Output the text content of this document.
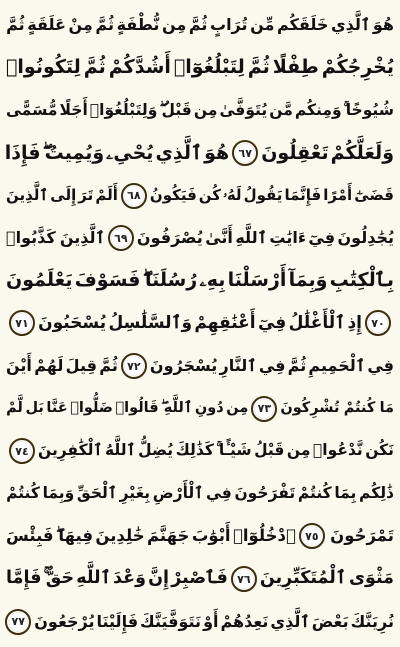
هُوَ
ٱلَّذِي
خَلَقَكُم
مِّن
تُرَابٍ
ثُمَّ
مِن
نُّطْفَةٍ
ثُمَّ
مِنْ
عَلَقَةٍ
ثُمَّ
يُخْرِجُكُمْ
طِفْلًا
ثُمَّ
لِتَبْلُغُوٓا۟
أَشُدَّكُمْ
ثُمَّ
لِتَكُونُوا۟
شُيُوخًا
وَمِنكُم
مَّن
يُتَوَفَّىٰ
مِن
قَبْلُ
وَلِتَبْلُغُوٓا۟
أَجَلًا
مُّسَمًّى
وَلَعَلَّكُمْ
تَعْقِلُونَ
٦٧
هُوَ
ٱلَّذِي
يُحْىِۦ
وَيُمِيتُ
فَإِذَا
قَضَىٰٓ
أَمْرًا
فَإِنَّمَا
يَقُولُ
لَهُۥ
كُن
فَيَكُونُ
٦٨
أَلَمْ
تَرَ
إِلَى
ٱلَّذِينَ
يُجَٰدِلُونَ
فِيٓ
ءَايَٰتِ
ٱللَّهِ
أَنَّىٰ
يُصْرَفُونَ
٦٩
ٱلَّذِينَ
كَذَّبُوا۟
بِٱلْكِتَٰبِ
وَبِمَآ
أَرْسَلْنَا
بِهِۦ
رُسُلَنَا
فَسَوْفَ
يَعْلَمُونَ
٧٠
إِذِ
ٱلْأَغْلَٰلُ
فِيٓ
أَعْنَٰقِهِمْ
وَٱلسَّلَٰسِلُ
يُسْحَبُونَ
٧١
فِي
ٱلْحَمِيمِ
ثُمَّ
فِي
ٱلنَّارِ
يُسْجَرُونَ
٧٢
ثُمَّ
قِيلَ
لَهُمْ
أَيْنَ
مَا
كُنتُمْ
تُشْرِكُونَ
٧٣
مِن
دُونِ
ٱللَّهِ
قَالُوا۟
ضَلُّوا۟
عَنَّا
بَل
لَّمْ
نَكُن
نَّدْعُوا۟
مِن
قَبْلُ
شَيْـًٔا
كَذَٰلِكَ
يُضِلُّ
ٱللَّهُ
ٱلْكَٰفِرِينَ
٧٤
ذَٰلِكُم
بِمَا
كُنتُمْ
تَفْرَحُونَ
فِي
ٱلْأَرْضِ
بِغَيْرِ
ٱلْحَقِّ
وَبِمَا
كُنتُمْ
تَمْرَحُونَ
٧٥
ٱدْخُلُوٓا۟
أَبْوَٰبَ
جَهَنَّمَ
خَٰلِدِينَ
فِيهَا
فَبِئْسَ
مَثْوَى
ٱلْمُتَكَبِّرِينَ
٧٦
فَٱصْبِرْ
إِنَّ
وَعْدَ
ٱللَّهِ
حَقٌّ
فَإِمَّا
نُرِيَنَّكَ
بَعْضَ
ٱلَّذِي
نَعِدُهُمْ
أَوْ
نَتَوَفَّيَنَّكَ
فَإِلَيْنَا
يُرْجَعُونَ
٧٧
